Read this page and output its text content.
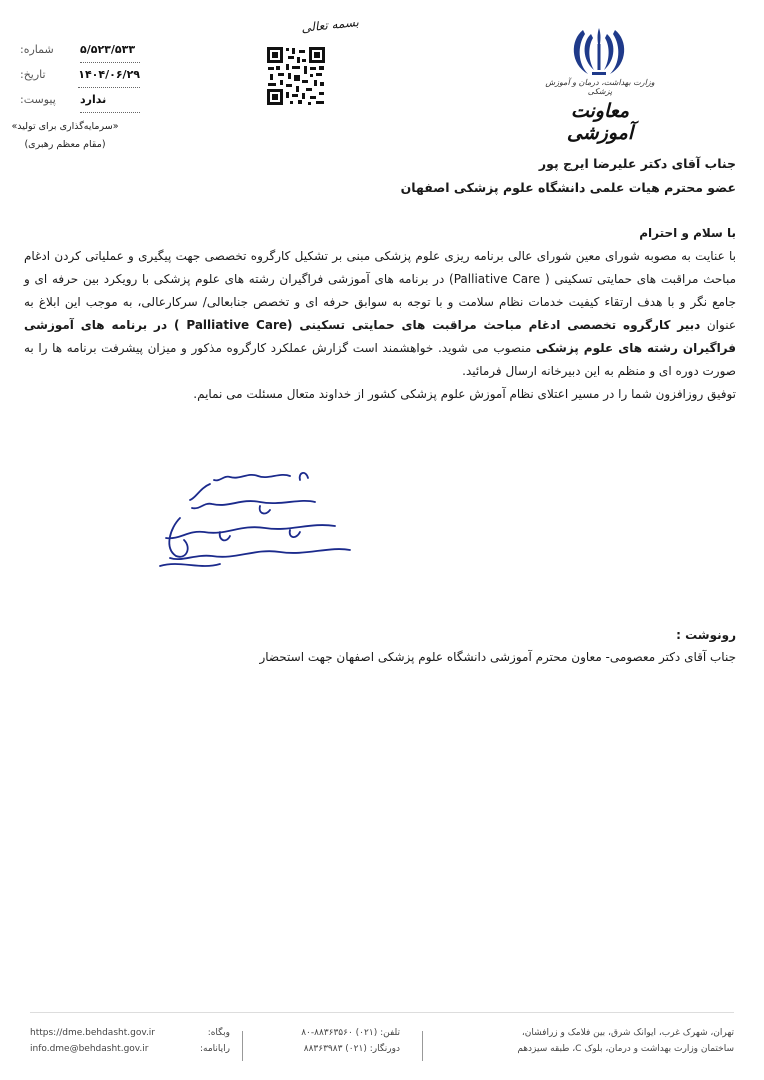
شماره: ۵/۵۲۳/۵۳۳
تاریخ:	۱۴۰۴/۰۶/۲۹
پیوست: ندارد
«سرمایه‌گذاری برای تولید»
(مقام معظم رهبری)
بسمه تعالی
وزارت بهداشت، درمان و آموزش پزشکی
معاونت آموزشی
جناب آقای دکتر علیرضا ایرج پور
عضو محترم هیات علمی دانشگاه علوم پزشکی اصفهان

با سلام و احترام

با عنایت به مصوبه شورای معین شورای عالی برنامه ریزی علوم پزشکی مبنی بر تشکیل کارگروه تخصصی جهت پیگیری و عملیاتی کردن ادغام مباحث مراقبت های حمایتی تسکینی ( Palliative Care) در برنامه های آموزشی فراگیران رشته های علوم پزشکی با رویکرد بین حرفه ای و جامع نگر و با هدف ارتقاء کیفیت خدمات نظام سلامت و با توجه به سوابق حرفه ای و تخصص جنابعالی/ سرکارعالی، به موجب این ابلاغ به عنوان دبیر کارگروه تخصصی ادغام مباحث مراقبت های حمایتی تسکینی (Palliative Care ) در برنامه های آموزشی فراگیران رشته های علوم پزشکی منصوب می شوید. خواهشمند است گزارش عملکرد کارگروه مذکور و میزان پیشرفت برنامه ها را به صورت دوره ای و منظم به این دبیرخانه ارسال فرمائید.

توفیق روزافزون شما را در مسیر اعتلای نظام آموزش علوم پزشکی کشور از خداوند متعال مسئلت می نمایم.

رونوشت :
جناب آقای دکتر معصومی- معاون محترم آموزشی دانشگاه علوم پزشکی اصفهان جهت استحضار
تهران، شهرک غرب، ایوانک شرق، بین فلامک و زرافشان،
ساختمان وزارت بهداشت و درمان، بلوک C، طبقه سیزدهم
تلفن: (۰۲۱) ۸۸۳۶۳۵۶۰-۸۰
دورنگار: (۰۲۱) ۸۸۳۶۳۹۸۳
وبگاه:
https://dme.behdasht.gov.ir
رایانامه:
info.dme@behdasht.gov.ir
